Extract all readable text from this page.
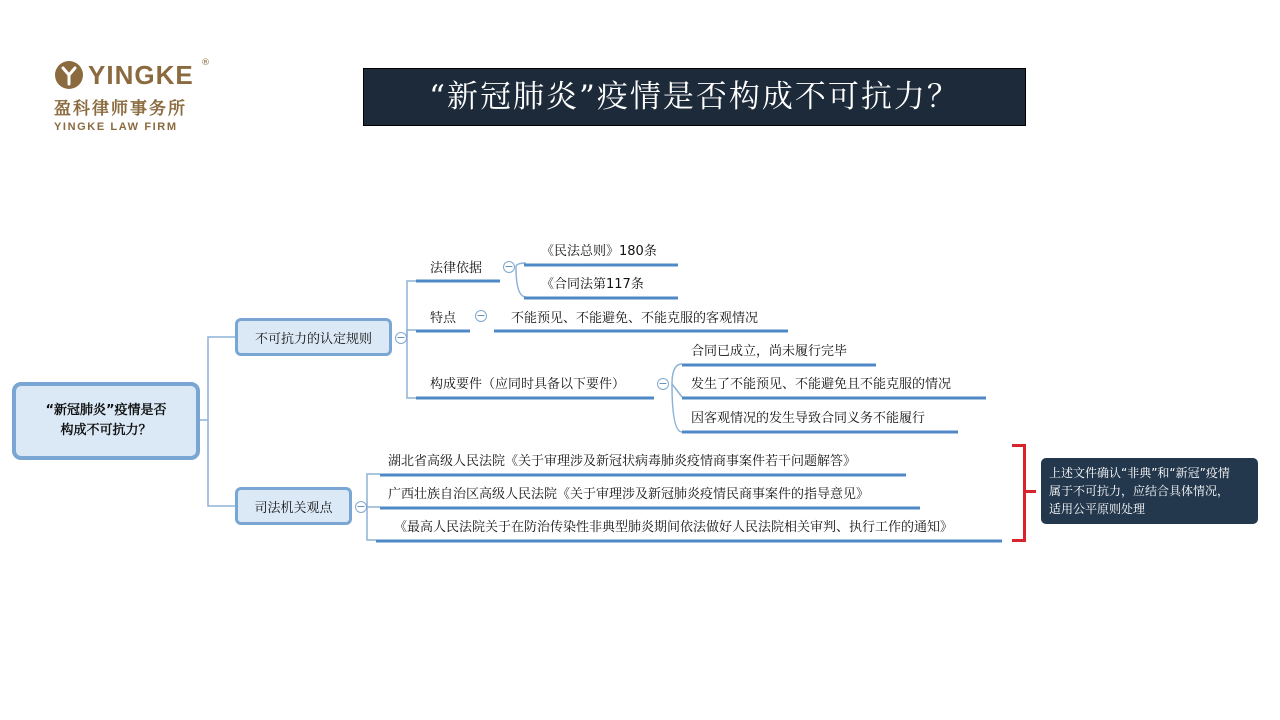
YINGKE ®
盈科律师事务所
YINGKE LAW FIRM
“新冠肺炎”疫情是否构成不可抗力？
“新冠肺炎”疫情是否
构成不可抗力？
不可抗力的认定规则 −
司法机关观点 −
法律依据 −
《民法总则》180条
《合同法第117条
特点 − 不能预见、不能避免、不能克服的客观情况
构成要件（应同时具备以下要件）	−
合同已成立，尚未履行完毕
发生了不能预见、不能避免且不能克服的情况
因客观情况的发生导致合同义务不能履行
湖北省高级人民法院《关于审理涉及新冠状病毒肺炎疫情商事案件若干问题解答》
广西壮族自治区高级人民法院《关于审理涉及新冠肺炎疫情民商事案件的指导意见》
《最高人民法院关于在防治传染性非典型肺炎期间依法做好人民法院相关审判、执行工作的通知》
上述文件确认“非典”和“新冠”疫情
属于不可抗力，应结合具体情况，
适用公平原则处理
